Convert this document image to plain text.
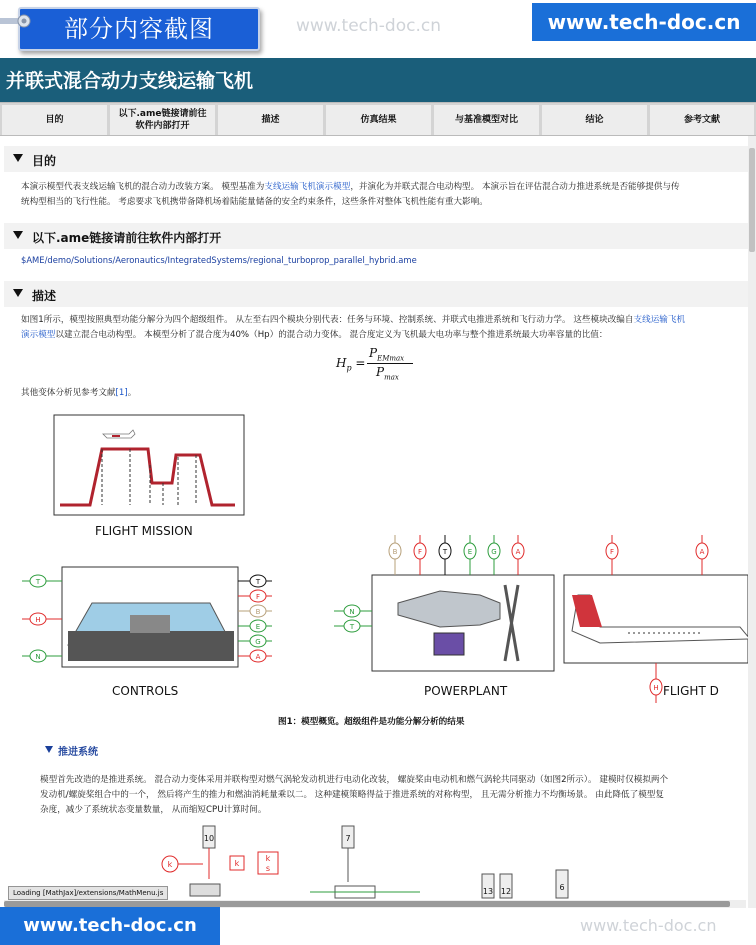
部分内容截图	www.tech-doc.cn	www.tech-doc.cn
并联式混合动力支线运输飞机
目的
以下.ame链接请前往软件内部打开
描述	仿真结果	与基准模型对比	结论	参考文献
目的
本演示模型代表支线运输飞机的混合动力改装方案。 模型基准为支线运输飞机演示模型，并演化为并联式混合电动构型。 本演示旨在评估混合动力推进系统是否能够提供与传
统构型相当的飞行性能。 考虑要求飞机携带备降机场着陆能量储备的安全约束条件，这些条件对整体飞机性能有重大影响。
以下.ame链接请前往软件内部打开
$AME/demo/Solutions/Aeronautics/IntegratedSystems/regional_turboprop_parallel_hybrid.ame
描述
如图1所示，模型按照典型功能分解分为四个超级组件。 从左至右四个模块分别代表：任务与环境、控制系统、并联式电推进系统和飞行动力学。 这些模块改编自支线运输飞机
演示模型以建立混合电动构型。 本模型分析了混合度为40%（Hp）的混合动力变体。 混合度定义为飞机最大电功率与整个推进系统最大功率容量的比值：
$H_p$ =
$P_{EMmax}$
$P_{max}$
其他变体分析见参考文献[1]。
T
H
N
T
F
B
E
G
A
N
T
B	F	T	E	G	A	F	A
H
FLIGHT MISSION
CONTROLS	POWERPLANT	FLIGHT D
图1：模型概览。超级组件是功能分解分析的结果
推进系统
模型首先改造的是推进系统。 混合动力变体采用并联构型对燃气涡轮发动机进行电动化改装， 螺旋桨由电动机和燃气涡轮共同驱动（如图2所示）。 建模时仅模拟两个
发动机/螺旋桨组合中的一个， 然后将产生的推力和燃油消耗量乘以二。 这种建模策略得益于推进系统的对称构型， 且无需分析推力不均衡场景。 由此降低了模型复
杂度，减少了系统状态变量数量， 从而缩短CPU计算时间。
10	7
k	k
k
s
13 12	6
Loading [MathJax]/extensions/MathMenu.js
www.tech-doc.cn	www.tech-doc.cn
